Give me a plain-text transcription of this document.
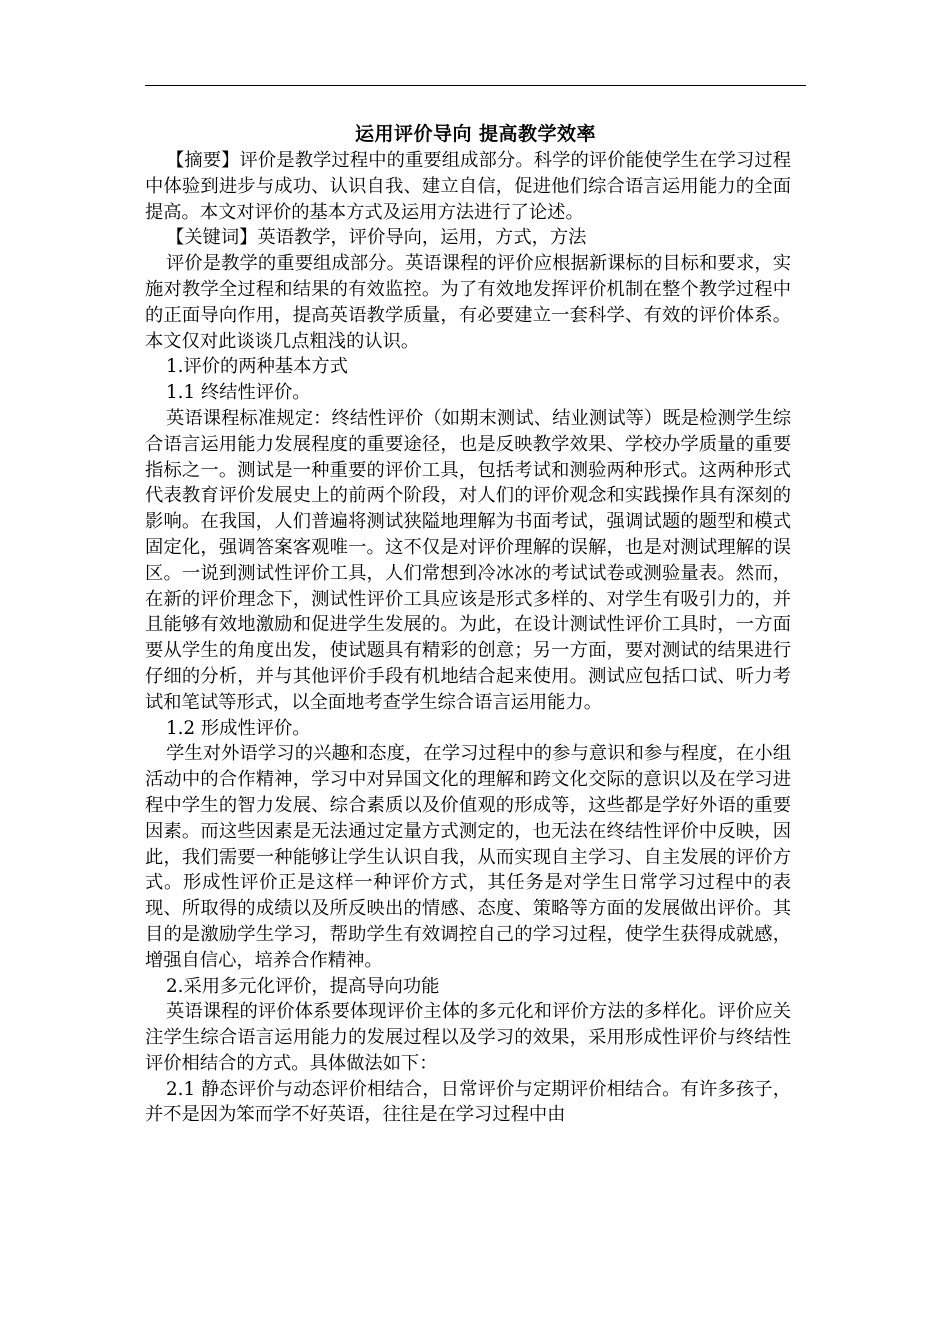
运用评价导向 提高教学效率

【摘要】评价是教学过程中的重要组成部分。科学的评价能使学生在学习过程中体验到进步与成功、认识自我、建立自信，促进他们综合语言运用能力的全面提高。本文对评价的基本方式及运用方法进行了论述。

【关键词】英语教学，评价导向，运用，方式，方法

评价是教学的重要组成部分。英语课程的评价应根据新课标的目标和要求，实施对教学全过程和结果的有效监控。为了有效地发挥评价机制在整个教学过程中的正面导向作用，提高英语教学质量，有必要建立一套科学、有效的评价体系。本文仅对此谈谈几点粗浅的认识。

1.评价的两种基本方式

1.1 终结性评价。

英语课程标准规定：终结性评价（如期末测试、结业测试等）既是检测学生综合语言运用能力发展程度的重要途径，也是反映教学效果、学校办学质量的重要指标之一。测试是一种重要的评价工具，包括考试和测验两种形式。这两种形式代表教育评价发展史上的前两个阶段，对人们的评价观念和实践操作具有深刻的影响。在我国，人们普遍将测试狭隘地理解为书面考试，强调试题的题型和模式固定化，强调答案客观唯一。这不仅是对评价理解的误解，也是对测试理解的误区。一说到测试性评价工具，人们常想到冷冰冰的考试试卷或测验量表。然而，在新的评价理念下，测试性评价工具应该是形式多样的、对学生有吸引力的，并且能够有效地激励和促进学生发展的。为此，在设计测试性评价工具时，一方面要从学生的角度出发，使试题具有精彩的创意；另一方面，要对测试的结果进行仔细的分析，并与其他评价手段有机地结合起来使用。测试应包括口试、听力考试和笔试等形式，以全面地考查学生综合语言运用能力。

1.2 形成性评价。

学生对外语学习的兴趣和态度，在学习过程中的参与意识和参与程度，在小组活动中的合作精神，学习中对异国文化的理解和跨文化交际的意识以及在学习进程中学生的智力发展、综合素质以及价值观的形成等，这些都是学好外语的重要因素。而这些因素是无法通过定量方式测定的，也无法在终结性评价中反映，因此，我们需要一种能够让学生认识自我，从而实现自主学习、自主发展的评价方式。形成性评价正是这样一种评价方式，其任务是对学生日常学习过程中的表现、所取得的成绩以及所反映出的情感、态度、策略等方面的发展做出评价。其目的是激励学生学习，帮助学生有效调控自己的学习过程，使学生获得成就感，增强自信心，培养合作精神。

2.采用多元化评价，提高导向功能

英语课程的评价体系要体现评价主体的多元化和评价方法的多样化。评价应关注学生综合语言运用能力的发展过程以及学习的效果，采用形成性评价与终结性评价相结合的方式。具体做法如下：

2.1 静态评价与动态评价相结合，日常评价与定期评价相结合。有许多孩子，并不是因为笨而学不好英语，往往是在学习过程中由
